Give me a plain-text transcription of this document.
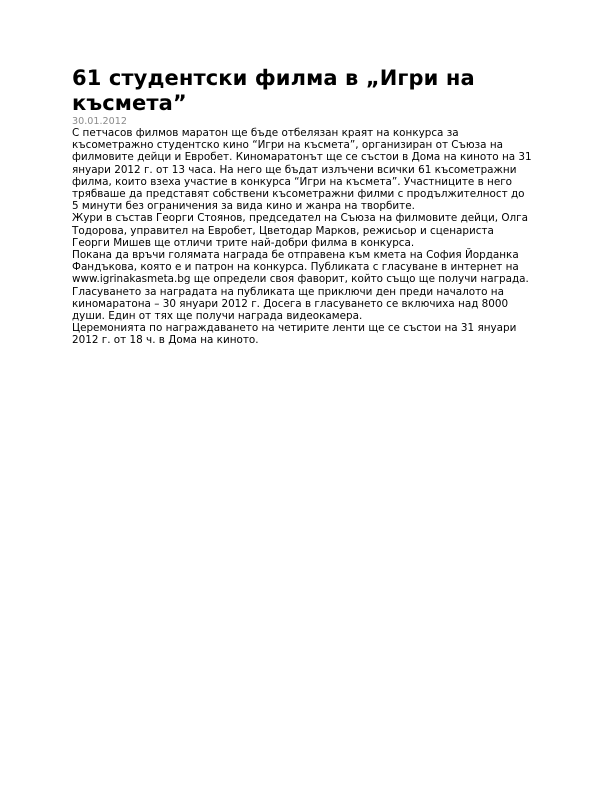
61 студентски филма в „Игри на късмета”
30.01.2012

С петчасов филмов маратон ще бъде отбелязан краят на конкурса за късометражно студентско кино “Игри на късмета”, организиран от Съюза на филмовите дейци и Евробет. Киномаратонът ще се състои в Дома на киното на 31 януари 2012 г. от 13 часа. На него ще бъдат излъчени всички 61 късометражни филма, които взеха участие в конкурса “Игри на късмета”. Участниците в него трябваше да представят собствени късометражни филми с продължителност до 5 минути без ограничения за вида кино и жанра на творбите.

Жури в състав Георги Стоянов, председател на Съюза на филмовите дейци, Олга Тодорова, управител на Евробет, Цветодар Марков, режисьор и сценариста Георги Мишев ще отличи трите най-добри филма в конкурса.

Покана да връчи голямата награда бе отправена към кмета на София Йорданка Фандъкова, която е и патрон на конкурса. Публиката с гласуване в интернет на www.igrinakasmeta.bg ще определи своя фаворит, който също ще получи награда.

Гласуването за наградата на публиката ще приключи ден преди началото на киномаратона – 30 януари 2012 г. Досега в гласуването се включиха над 8000 души. Един от тях ще получи награда видеокамера.

Церемонията по награждаването на четирите ленти ще се състои на 31 януари 2012 г. от 18 ч. в Дома на киното.
